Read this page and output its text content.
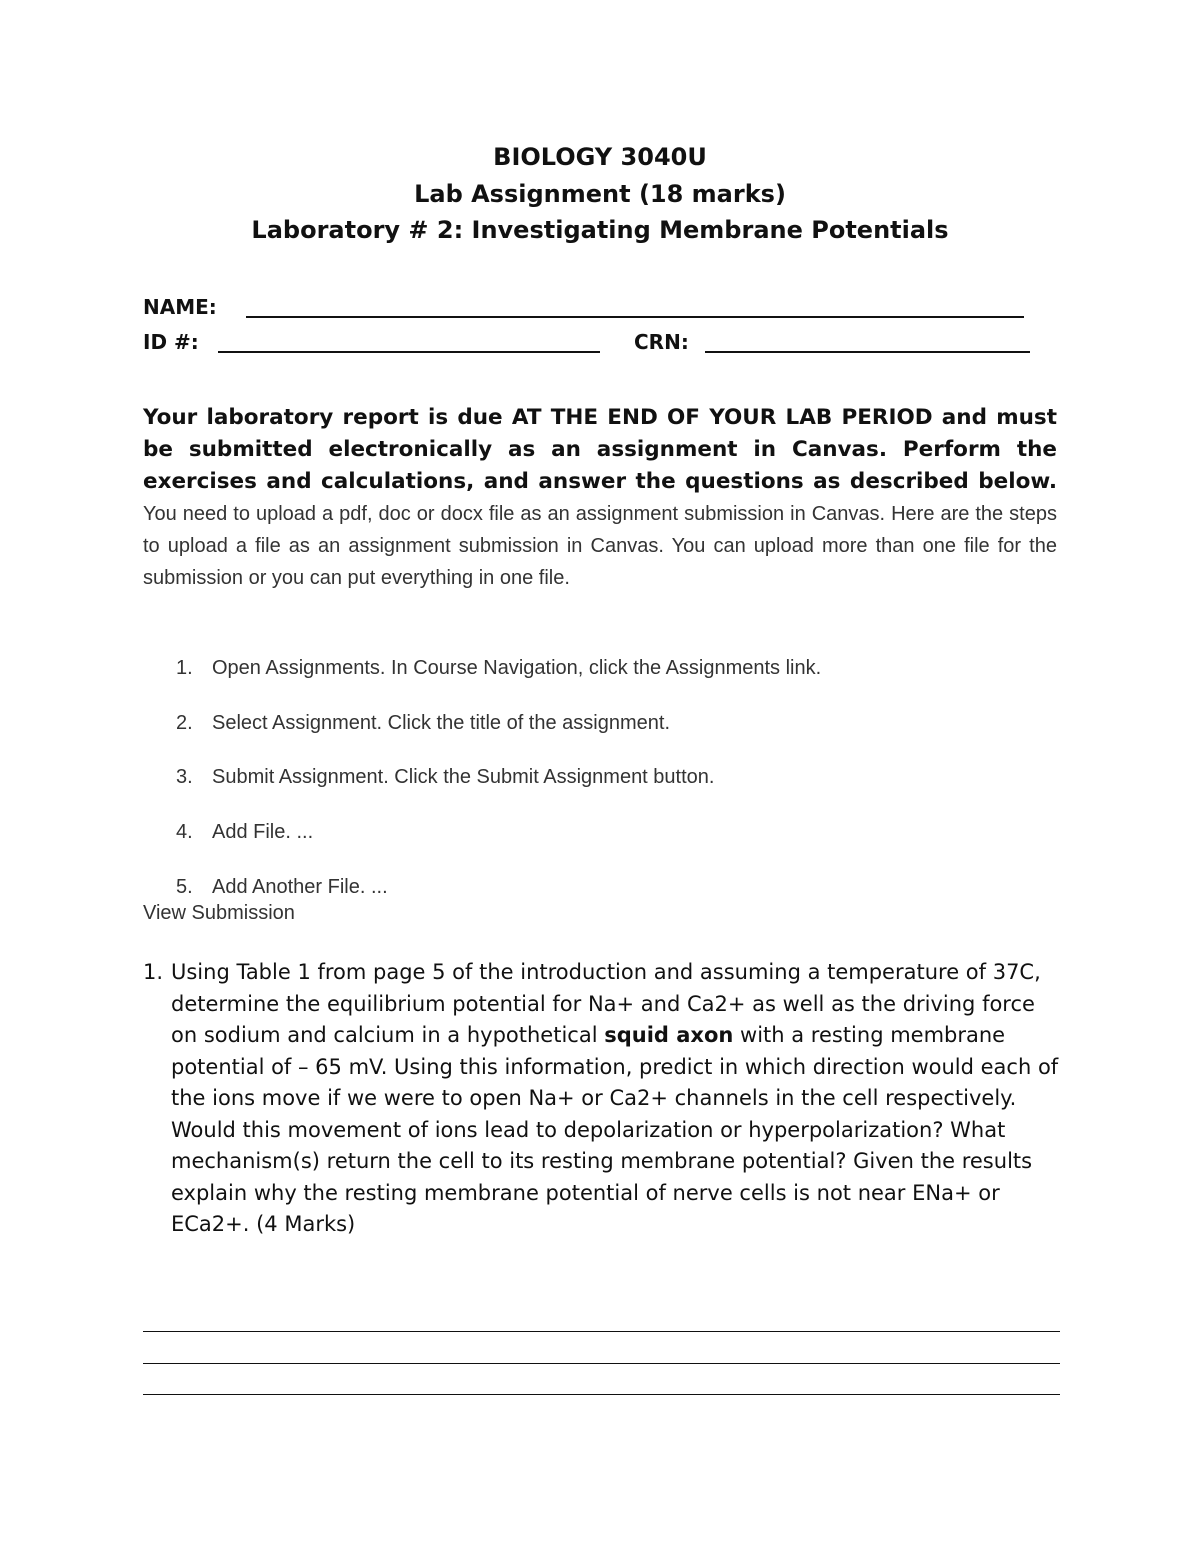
BIOLOGY 3040U
Lab Assignment (18 marks)
Laboratory # 2: Investigating Membrane Potentials
NAME:
ID #:	CRN:
Your laboratory report is due AT THE END OF YOUR LAB PERIOD and must be submitted electronically as an assignment in Canvas. Perform the exercises and calculations, and answer the questions as described below. You need to upload a pdf, doc or docx file as an assignment submission in Canvas. Here are the steps to upload a file as an assignment submission in Canvas. You can upload more than one file for the submission or you can put everything in one file.
1. Open Assignments. In Course Navigation, click the Assignments link.
2. Select Assignment. Click the title of the assignment.
3. Submit Assignment. Click the Submit Assignment button.
4. Add File. ...
5. Add Another File. ...
View Submission
1. Using Table 1 from page 5 of the introduction and assuming a temperature of 37C, determine the equilibrium potential for Na+ and Ca2+ as well as the driving force on sodium and calcium in a hypothetical squid axon with a resting membrane potential of – 65 mV. Using this information, predict in which direction would each of the ions move if we were to open Na+ or Ca2+ channels in the cell respectively. Would this movement of ions lead to depolarization or hyperpolarization? What mechanism(s) return the cell to its resting membrane potential? Given the results explain why the resting membrane potential of nerve cells is not near ENa+ or ECa2+. (4 Marks)
